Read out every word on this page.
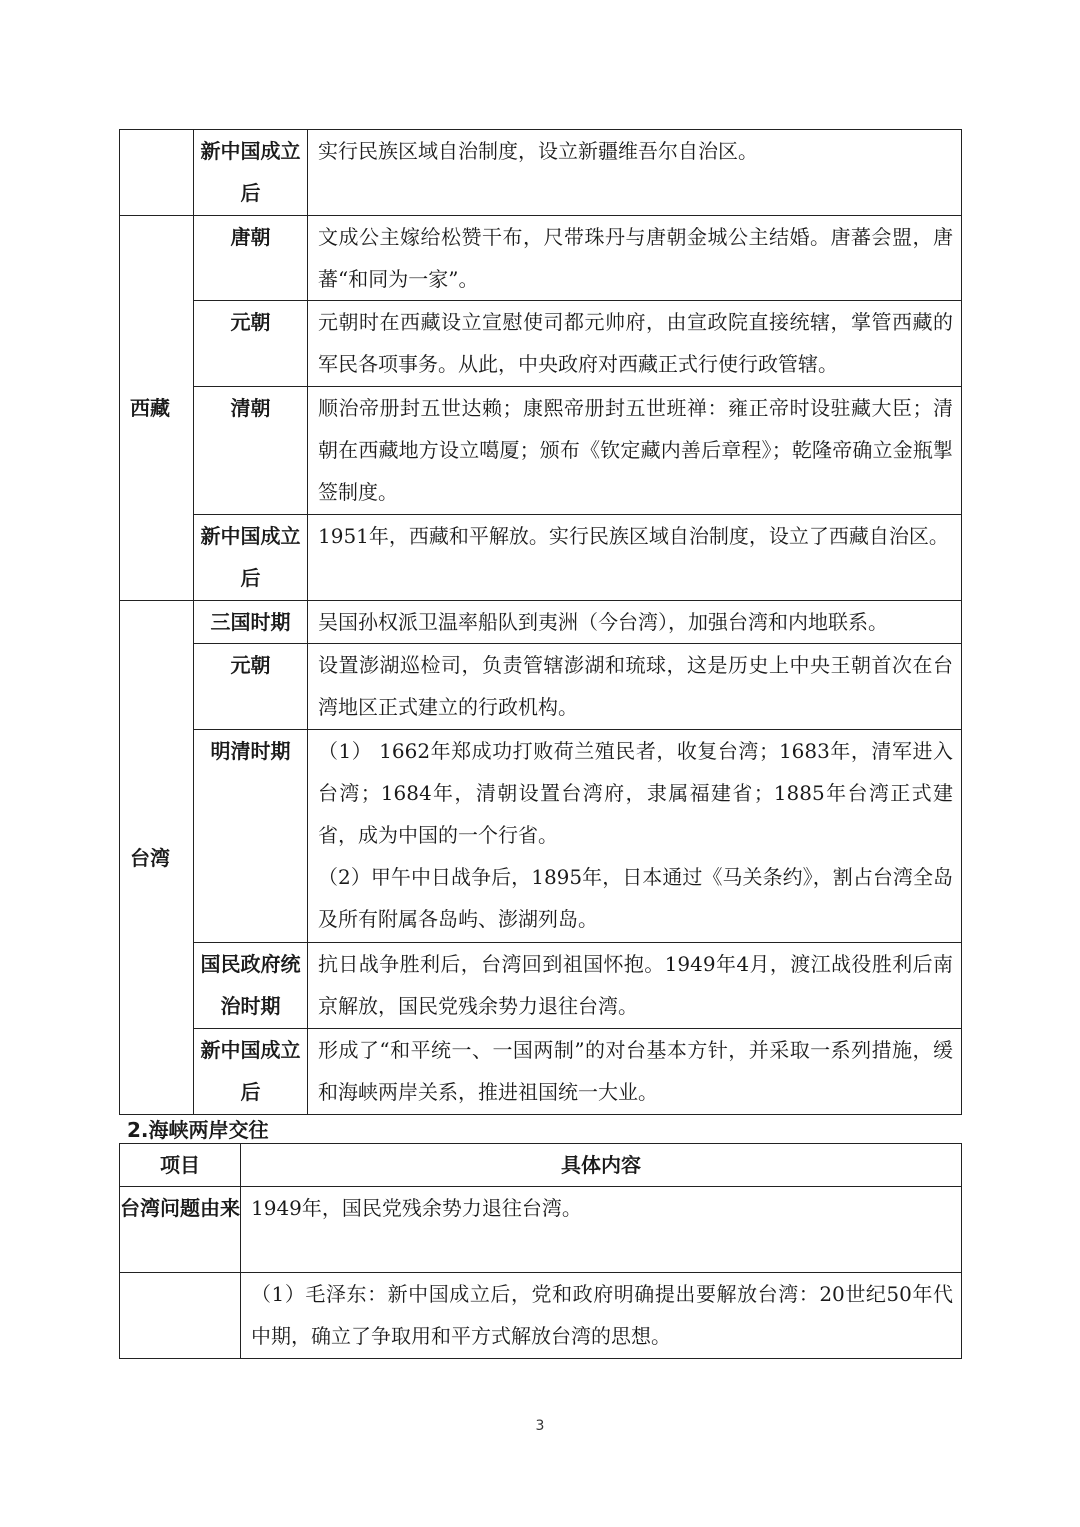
	新中国成立后	实行民族区域自治制度，设立新疆维吾尔自治区。
西藏	唐朝	文成公主嫁给松赞干布，尺带珠丹与唐朝金城公主结婚。唐蕃会盟，唐蕃“和同为一家”。
	元朝	元朝时在西藏设立宣慰使司都元帅府，由宣政院直接统辖，掌管西藏的军民各项事务。从此，中央政府对西藏正式行使行政管辖。
	清朝	顺治帝册封五世达赖；康熙帝册封五世班禅：雍正帝时设驻藏大臣；清朝在西藏地方设立噶厦；颁布《钦定藏内善后章程》；乾隆帝确立金瓶掣签制度。
	新中国成立后	1951年，西藏和平解放。实行民族区域自治制度，设立了西藏自治区。
台湾	三国时期	吴国孙权派卫温率船队到夷洲（今台湾），加强台湾和内地联系。
	元朝	设置澎湖巡检司，负责管辖澎湖和琉球，这是历史上中央王朝首次在台湾地区正式建立的行政机构。
	明清时期	（1） 1662年郑成功打败荷兰殖民者，收复台湾；1683年，清军进入台湾；1684年，清朝设置台湾府，隶属福建省；1885年台湾正式建省，成为中国的一个行省。
（2）甲午中日战争后，1895年，日本通过《马关条约》，割占台湾全岛及所有附属各岛屿、澎湖列岛。

	国民政府统治时期	抗日战争胜利后，台湾回到祖国怀抱。1949年4月，渡江战役胜利后南京解放，国民党残余势力退往台湾。
	新中国成立后	形成了“和平统一、一国两制”的对台基本方针，并采取一系列措施，缓和海峡两岸关系，推进祖国统一大业。

2.海峡两岸交往

项目	具体内容
台湾问题由来	1949年，国民党残余势力退往台湾。
	（1）毛泽东：新中国成立后，党和政府明确提出要解放台湾：20世纪50年代中期，确立了争取用和平方式解放台湾的思想。
3
